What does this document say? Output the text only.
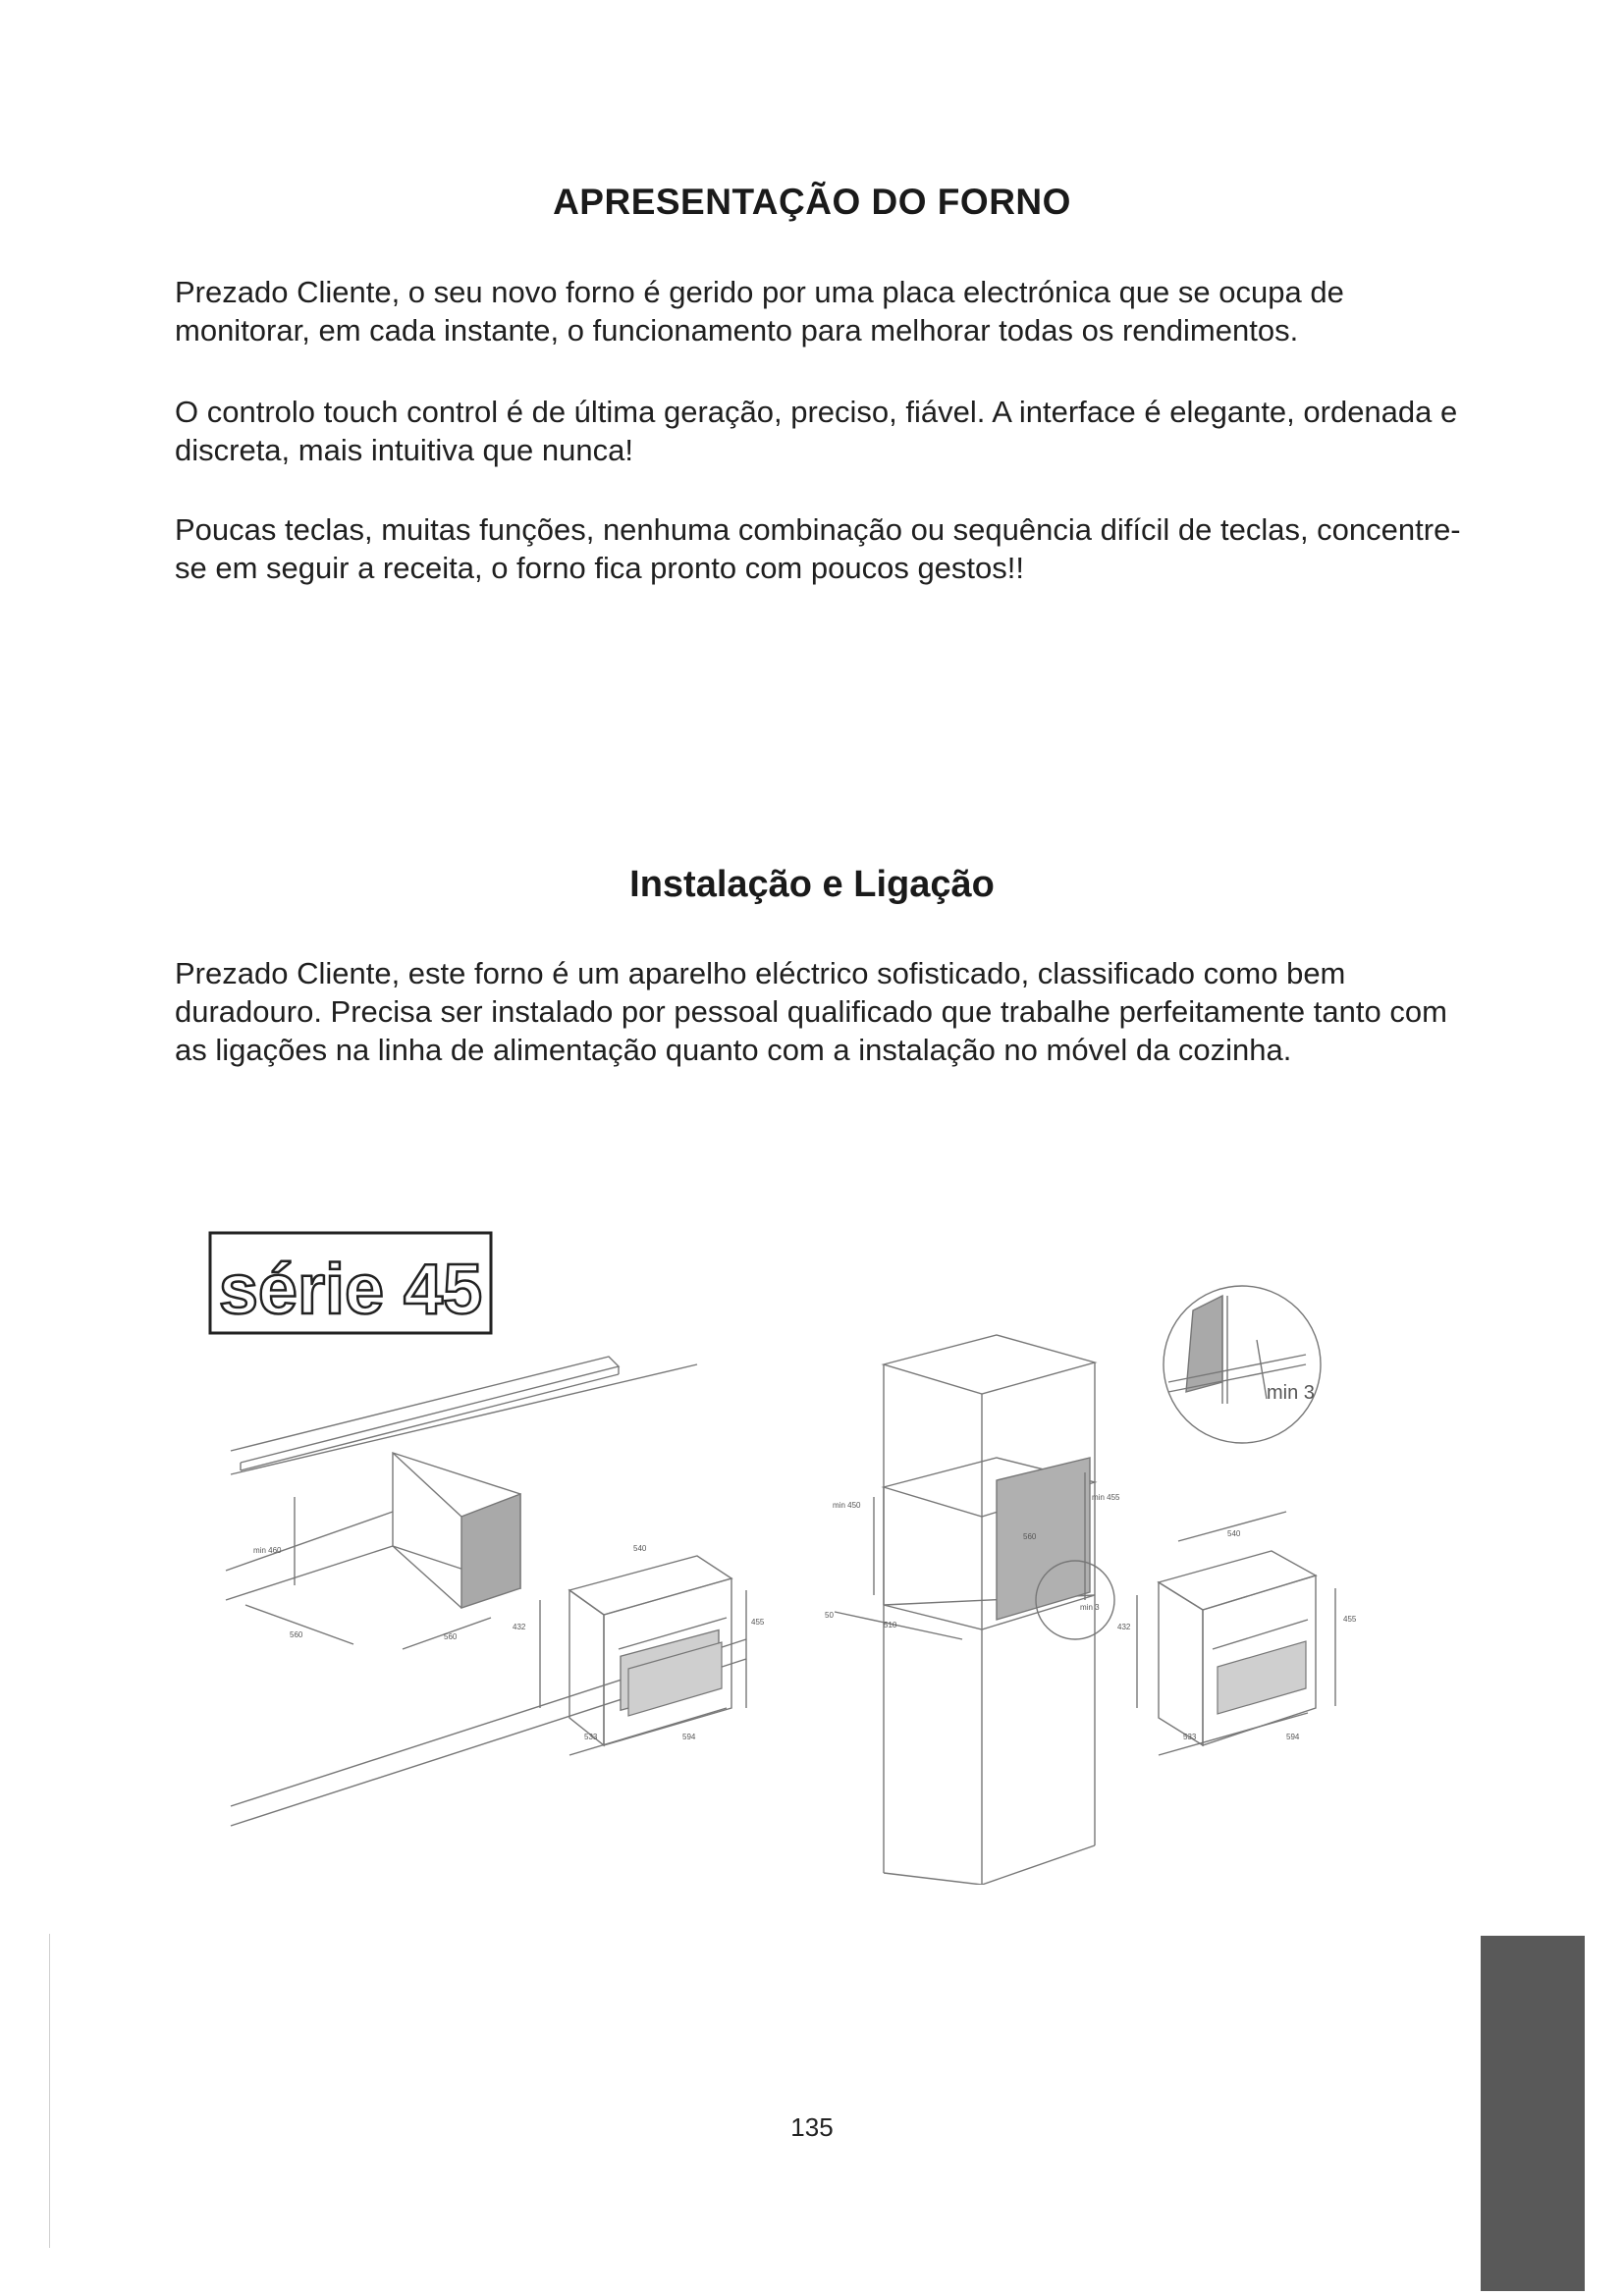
APRESENTAÇÃO DO FORNO

Prezado Cliente, o seu novo forno é gerido por uma placa electrónica que se ocupa de monitorar, em cada instante, o funcionamento para melhorar todas os rendimentos.

O controlo touch control é de última geração, preciso, fiável. A interface é elegante, ordenada e discreta, mais intuitiva que nunca!

Poucas teclas, muitas funções, nenhuma combinação ou sequência difícil de teclas, concentre-se em seguir a receita, o forno fica pronto com poucos gestos!!

Instalação e Ligação

Prezado Cliente, este forno é um aparelho eléctrico sofisticado, classificado como bem duradouro. Precisa ser instalado por pessoal qualificado que trabalhe perfeitamente tanto com as ligações na linha de alimentação quanto com a instalação no móvel da cozinha.

série 45
min 460
560	560
540
455
432
533	594
min 450
min 455
560
50
510
min 3
540
455
432
533	594
min 3

135
